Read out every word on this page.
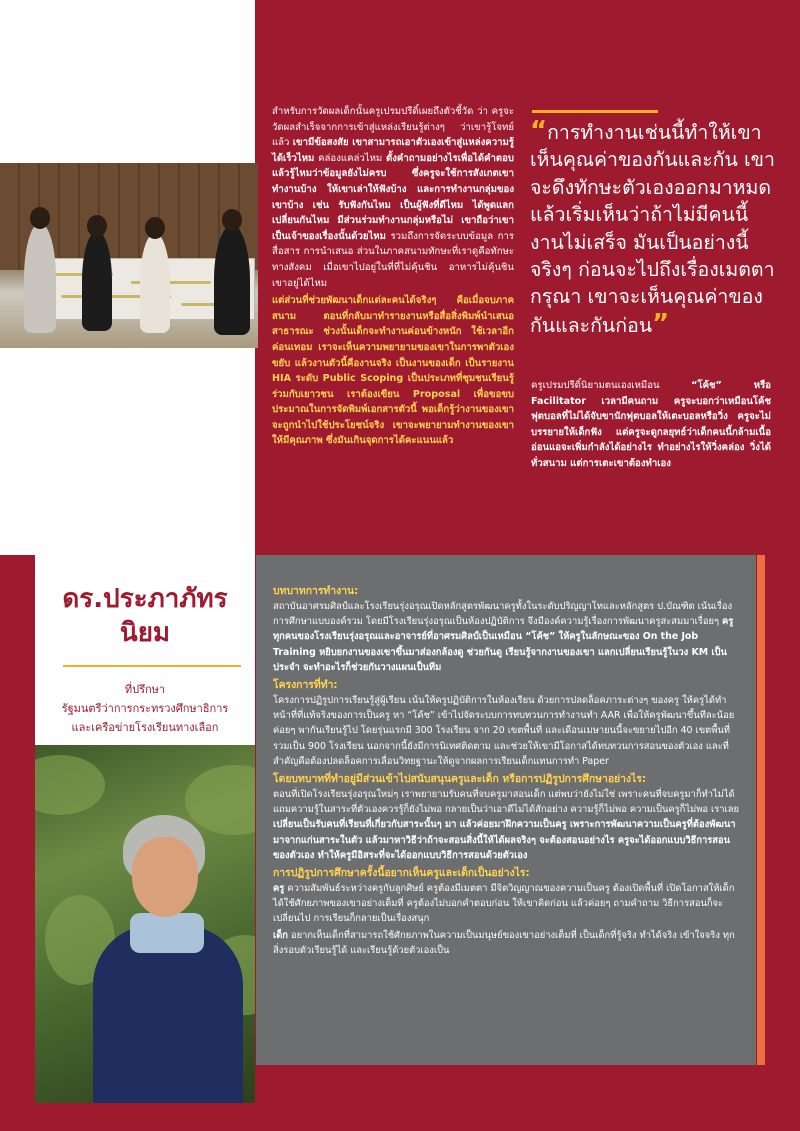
สำหรับการวัดผลเด็กนั้นครูเปรมปรีดิ์เผยถึงตัวชี้วัด ว่า ครูจะวัดผลสำเร็จจากการเข้าสู่แหล่งเรียนรู้ต่างๆ ว่าเขารู้โจทย์แล้ว เขามีข้อสงสัย เขาสามารถเอาตัวเองเข้าสู่แหล่งความรู้ได้เร็วไหม คล่องแคล่วไหม ตั้งคำถามอย่างไรเพื่อได้คำตอบ แล้วรู้ไหมว่าข้อมูลยังไม่ครบ ซึ่งครูจะใช้การสังเกตเขาทำงานบ้าง ให้เขาเล่าให้ฟังบ้าง และการทำงานกลุ่มของเขาบ้าง เช่น รับฟังกันไหม เป็นผู้ฟังที่ดีไหม ได้พูดแลกเปลี่ยนกันไหม มีส่วนร่วมทำงานกลุ่มหรือไม่ เขาถือว่าเขาเป็นเจ้าของเรื่องนั้นด้วยไหม รวมถึงการจัดระบบข้อมูล การสื่อสาร การนำเสนอ ส่วนในภาคสนามทักษะที่เราดูคือทักษะทางสังคม เมื่อเขาไปอยู่ในที่ที่ไม่คุ้นชิน อาหารไม่คุ้นชิน เขาอยู่ได้ไหม

แต่ส่วนที่ช่วยพัฒนาเด็กแต่ละคนได้จริงๆ คือเมื่อจบภาคสนาม ตอนที่กลับมาทำรายงานหรือสื่อสิ่งพิมพ์นำเสนอสาธารณะ ช่วงนั้นเด็กจะทำงานค่อนข้างหนัก ใช้เวลาอีกค่อนเทอม เราจะเห็นความพยายามของเขาในการพาตัวเองขยับ แล้วงานตัวนี้คืองานจริง เป็นงานของเด็ก เป็นรายงาน HIA ระดับ Public Scoping เป็นประเภทที่ชุมชนเรียนรู้ร่วมกับเยาวชน เราต้องเขียน Proposal เพื่อขอขบประมาณในการจัดพิมพ์เอกสารตัวนี้ พอเด็กรู้ว่างานของเขาจะถูกนำไปใช้ประโยชน์จริง เขาจะพยายามทำงานของเขาให้มีคุณภาพ ซึ่งมันเกินจุดการได้คะแนนแล้ว

“การทำงานเช่นนี้ทำให้เขาเห็นคุณค่าของกันและกัน เขาจะดึงทักษะตัวเองออกมาหมด แล้วเริ่มเห็นว่าถ้าไม่มีคนนี้ งานไม่เสร็จ มันเป็นอย่างนี้จริงๆ ก่อนจะไปถึงเรื่องเมตตา กรุณา เขาจะเห็นคุณค่าของกันและกันก่อน”
ครูเปรมปรีดิ์นิยามตนเองเหมือน	“โค้ช” หรือ Facilitator เวลามีคนถาม ครูจะบอกว่าเหมือนโค้ชฟุตบอลที่ไม่ได้จับขานักฟุตบอลให้เตะบอลหรือวิ่ง ครูจะไม่บรรยายให้เด็กฟัง แต่ครูจะดูกลยุทธ์ว่าเด็กคนนี้กล้ามเนื้ออ่อนแอจะเพิ่มกำลังได้อย่างไร ทำอย่างไรให้วิ่งคล่อง วิ่งได้ทั่วสนาม แต่การเตะเขาต้องทำเอง
ดร.ประภาภัทร นิยม
ที่ปรึกษา
รัฐมนตรีว่าการกระทรวงศึกษาธิการ
และเครือข่ายโรงเรียนทางเลือก
บทบาทการทำงาน:

สถาบันอาศรมศิลป์และโรงเรียนรุ่งอรุณเปิดหลักสูตรพัฒนาครูทั้งในระดับปริญญาโทและหลักสูตร ป.บัณฑิต เน้นเรื่องการศึกษาแบบองค์รวม โดยมีโรงเรียนรุ่งอรุณเป็นห้องปฏิบัติการ จึงมีองค์ความรู้เรื่องการพัฒนาครูสะสมมาเรื่อยๆ ครูทุกคนของโรงเรียนรุ่งอรุณและอาจารย์ที่อาศรมศิลป์เป็นเหมือน “โค้ช” ให้ครูในลักษณะของ On the Job Training หยิบยกงานของเขาขึ้นมาส่องกล้องดู ช่วยกันดู เรียนรู้จากงานของเขา แลกเปลี่ยนเรียนรู้ในวง KM เป็นประจำ จะทำอะไรก็ช่วยกันวางแผนเป็นทีม

โครงการที่ทำ:

โครงการปฏิรูปการเรียนรู้สู่ผู้เรียน เน้นให้ครูปฏิบัติการในห้องเรียน ด้วยการปลดล็อคภาระต่างๆ ของครู ให้ครูได้ทำหน้าที่ที่แท้จริงของการเป็นครู หา “โค้ช” เข้าไปจัดระบบการทบทวนการทำงานทำ AAR เพื่อให้ครูพัฒนาขึ้นทีละน้อย ค่อยๆ พากันเรียนรู้ไป โดยรุ่นแรกมี 300 โรงเรียน จาก 20 เขตพื้นที่ และเดือนเมษายนนี้จะขยายไปอีก 40 เขตพื้นที่ รวมเป็น 900 โรงเรียน นอกจากนี้ยังมีการนิเทศติดตาม และช่วยให้เขามีโอกาสได้ทบทวนการสอนของตัวเอง และที่สำคัญคือต้องปลดล็อคการเลื่อนวิทยฐานะให้ดูจากผลการเรียนเด็กแทนการทำ Paper

โดยบทบาทที่ทำอยู่มีส่วนเข้าไปสนับสนุนครูและเด็ก หรือการปฏิรูปการศึกษาอย่างไร:

ตอนที่เปิดโรงเรียนรุ่งอรุณใหม่ๆ เราพยายามรับคนที่จบครูมาสอนเด็ก แต่พบว่ายังไม่ใช่ เพราะคนที่จบครูมาก็ทำไม่ได้ แถมความรู้ในสาระที่ตัวเองควรรู้ก็ยังไม่พอ กลายเป็นว่าเอาดีไม่ได้สักอย่าง ความรู้ก็ไม่พอ ความเป็นครูก็ไม่พอ เราเลยเปลี่ยนเป็นรับคนที่เรียนที่เกี่ยวกับสาระนั้นๆ มา แล้วค่อยมาฝึกความเป็นครู เพราะการพัฒนาความเป็นครูที่ต้องพัฒนามาจากแก่นสาระในตัว แล้วมาหาวิธีว่าถ้าจะสอนสิ่งนี้ให้ได้ผลจริงๆ จะต้องสอนอย่างไร ครูจะได้ออกแบบวิธีการสอนของตัวเอง ทำให้ครูมีอิสระที่จะได้ออกแบบวิธีการสอนด้วยตัวเอง

การปฏิรูปการศึกษาครั้งนี้อยากเห็นครูและเด็กเป็นอย่างไร:

ครู ความสัมพันธ์ระหว่างครูกับลูกศิษย์ ครูต้องมีเมตตา มีจิตวิญญาณของความเป็นครู ต้องเปิดพื้นที่ เปิดโอกาสให้เด็กได้ใช้ศักยภาพของเขาอย่างเต็มที่ ครูต้องไม่บอกคำตอบก่อน ให้เขาคิดก่อน แล้วค่อยๆ ถามคำถาม วิธีการสอนก็จะเปลี่ยนไป การเรียนก็กลายเป็นเรื่องสนุก

เด็ก อยากเห็นเด็กที่สามารถใช้ศักยภาพในความเป็นมนุษย์ของเขาอย่างเต็มที่ เป็นเด็กที่รู้จริง ทำได้จริง เข้าใจจริง ทุกสิ่งรอบตัวเรียนรู้ได้ และเรียนรู้ด้วยตัวเองเป็น
